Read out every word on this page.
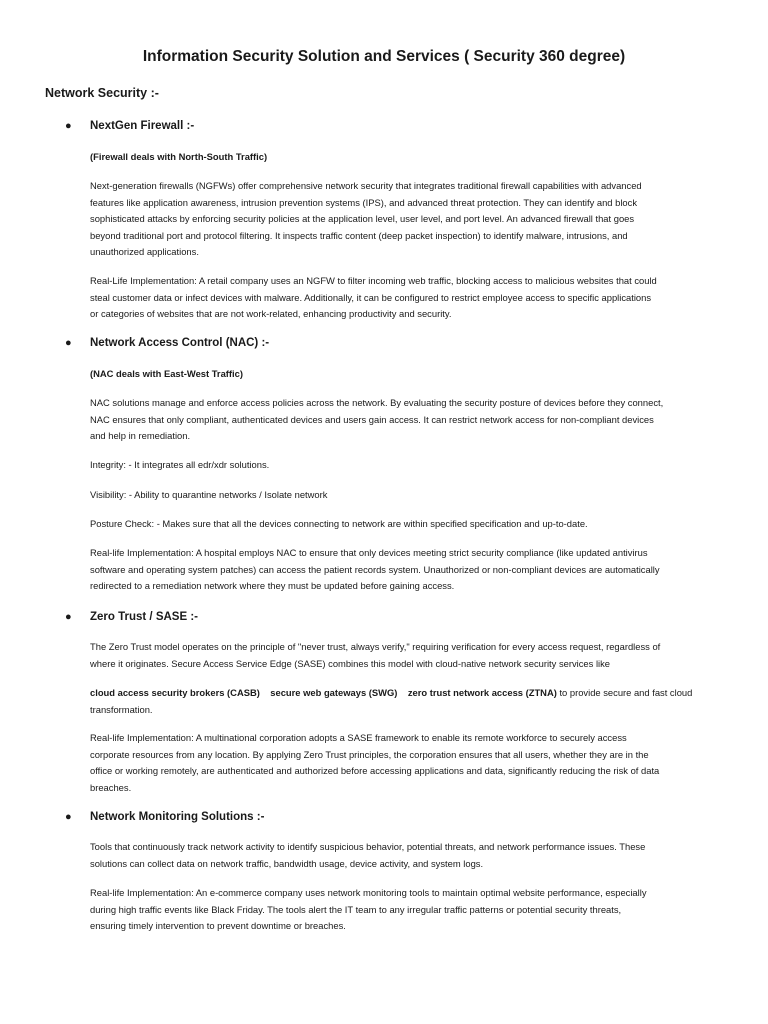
Information Security Solution and Services ( Security 360 degree)
Network Security :-
● NextGen Firewall :-
(Firewall deals with North-South Traffic)
Next-generation firewalls (NGFWs) offer comprehensive network security that integrates traditional firewall capabilities with advanced
features like application awareness, intrusion prevention systems (IPS), and advanced threat protection. They can identify and block
sophisticated attacks by enforcing security policies at the application level, user level, and port level. An advanced firewall that goes
beyond traditional port and protocol filtering. It inspects traffic content (deep packet inspection) to identify malware, intrusions, and
unauthorized applications.
Real-Life Implementation: A retail company uses an NGFW to filter incoming web traffic, blocking access to malicious websites that could
steal customer data or infect devices with malware. Additionally, it can be configured to restrict employee access to specific applications
or categories of websites that are not work-related, enhancing productivity and security.
● Network Access Control (NAC) :-
(NAC deals with East-West Traffic)
NAC solutions manage and enforce access policies across the network. By evaluating the security posture of devices before they connect,
NAC ensures that only compliant, authenticated devices and users gain access. It can restrict network access for non-compliant devices
and help in remediation.
Integrity: - It integrates all edr/xdr solutions.
Visibility: - Ability to quarantine networks / Isolate network
Posture Check: - Makes sure that all the devices connecting to network are within specified specification and up-to-date.
Real-life Implementation: A hospital employs NAC to ensure that only devices meeting strict security compliance (like updated antivirus
software and operating system patches) can access the patient records system. Unauthorized or non-compliant devices are automatically
redirected to a remediation network where they must be updated before gaining access.
● Zero Trust / SASE :-
The Zero Trust model operates on the principle of "never trust, always verify," requiring verification for every access request, regardless of
where it originates. Secure Access Service Edge (SASE) combines this model with cloud-native network security services like
cloud access security brokers (CASB) secure web gateways (SWG) zero trust network access (ZTNA) to provide secure and fast cloud
transformation.
Real-life Implementation: A multinational corporation adopts a SASE framework to enable its remote workforce to securely access
corporate resources from any location. By applying Zero Trust principles, the corporation ensures that all users, whether they are in the
office or working remotely, are authenticated and authorized before accessing applications and data, significantly reducing the risk of data
breaches.
● Network Monitoring Solutions :-
Tools that continuously track network activity to identify suspicious behavior, potential threats, and network performance issues. These
solutions can collect data on network traffic, bandwidth usage, device activity, and system logs.
Real-life Implementation: An e-commerce company uses network monitoring tools to maintain optimal website performance, especially
during high traffic events like Black Friday. The tools alert the IT team to any irregular traffic patterns or potential security threats,
ensuring timely intervention to prevent downtime or breaches.
